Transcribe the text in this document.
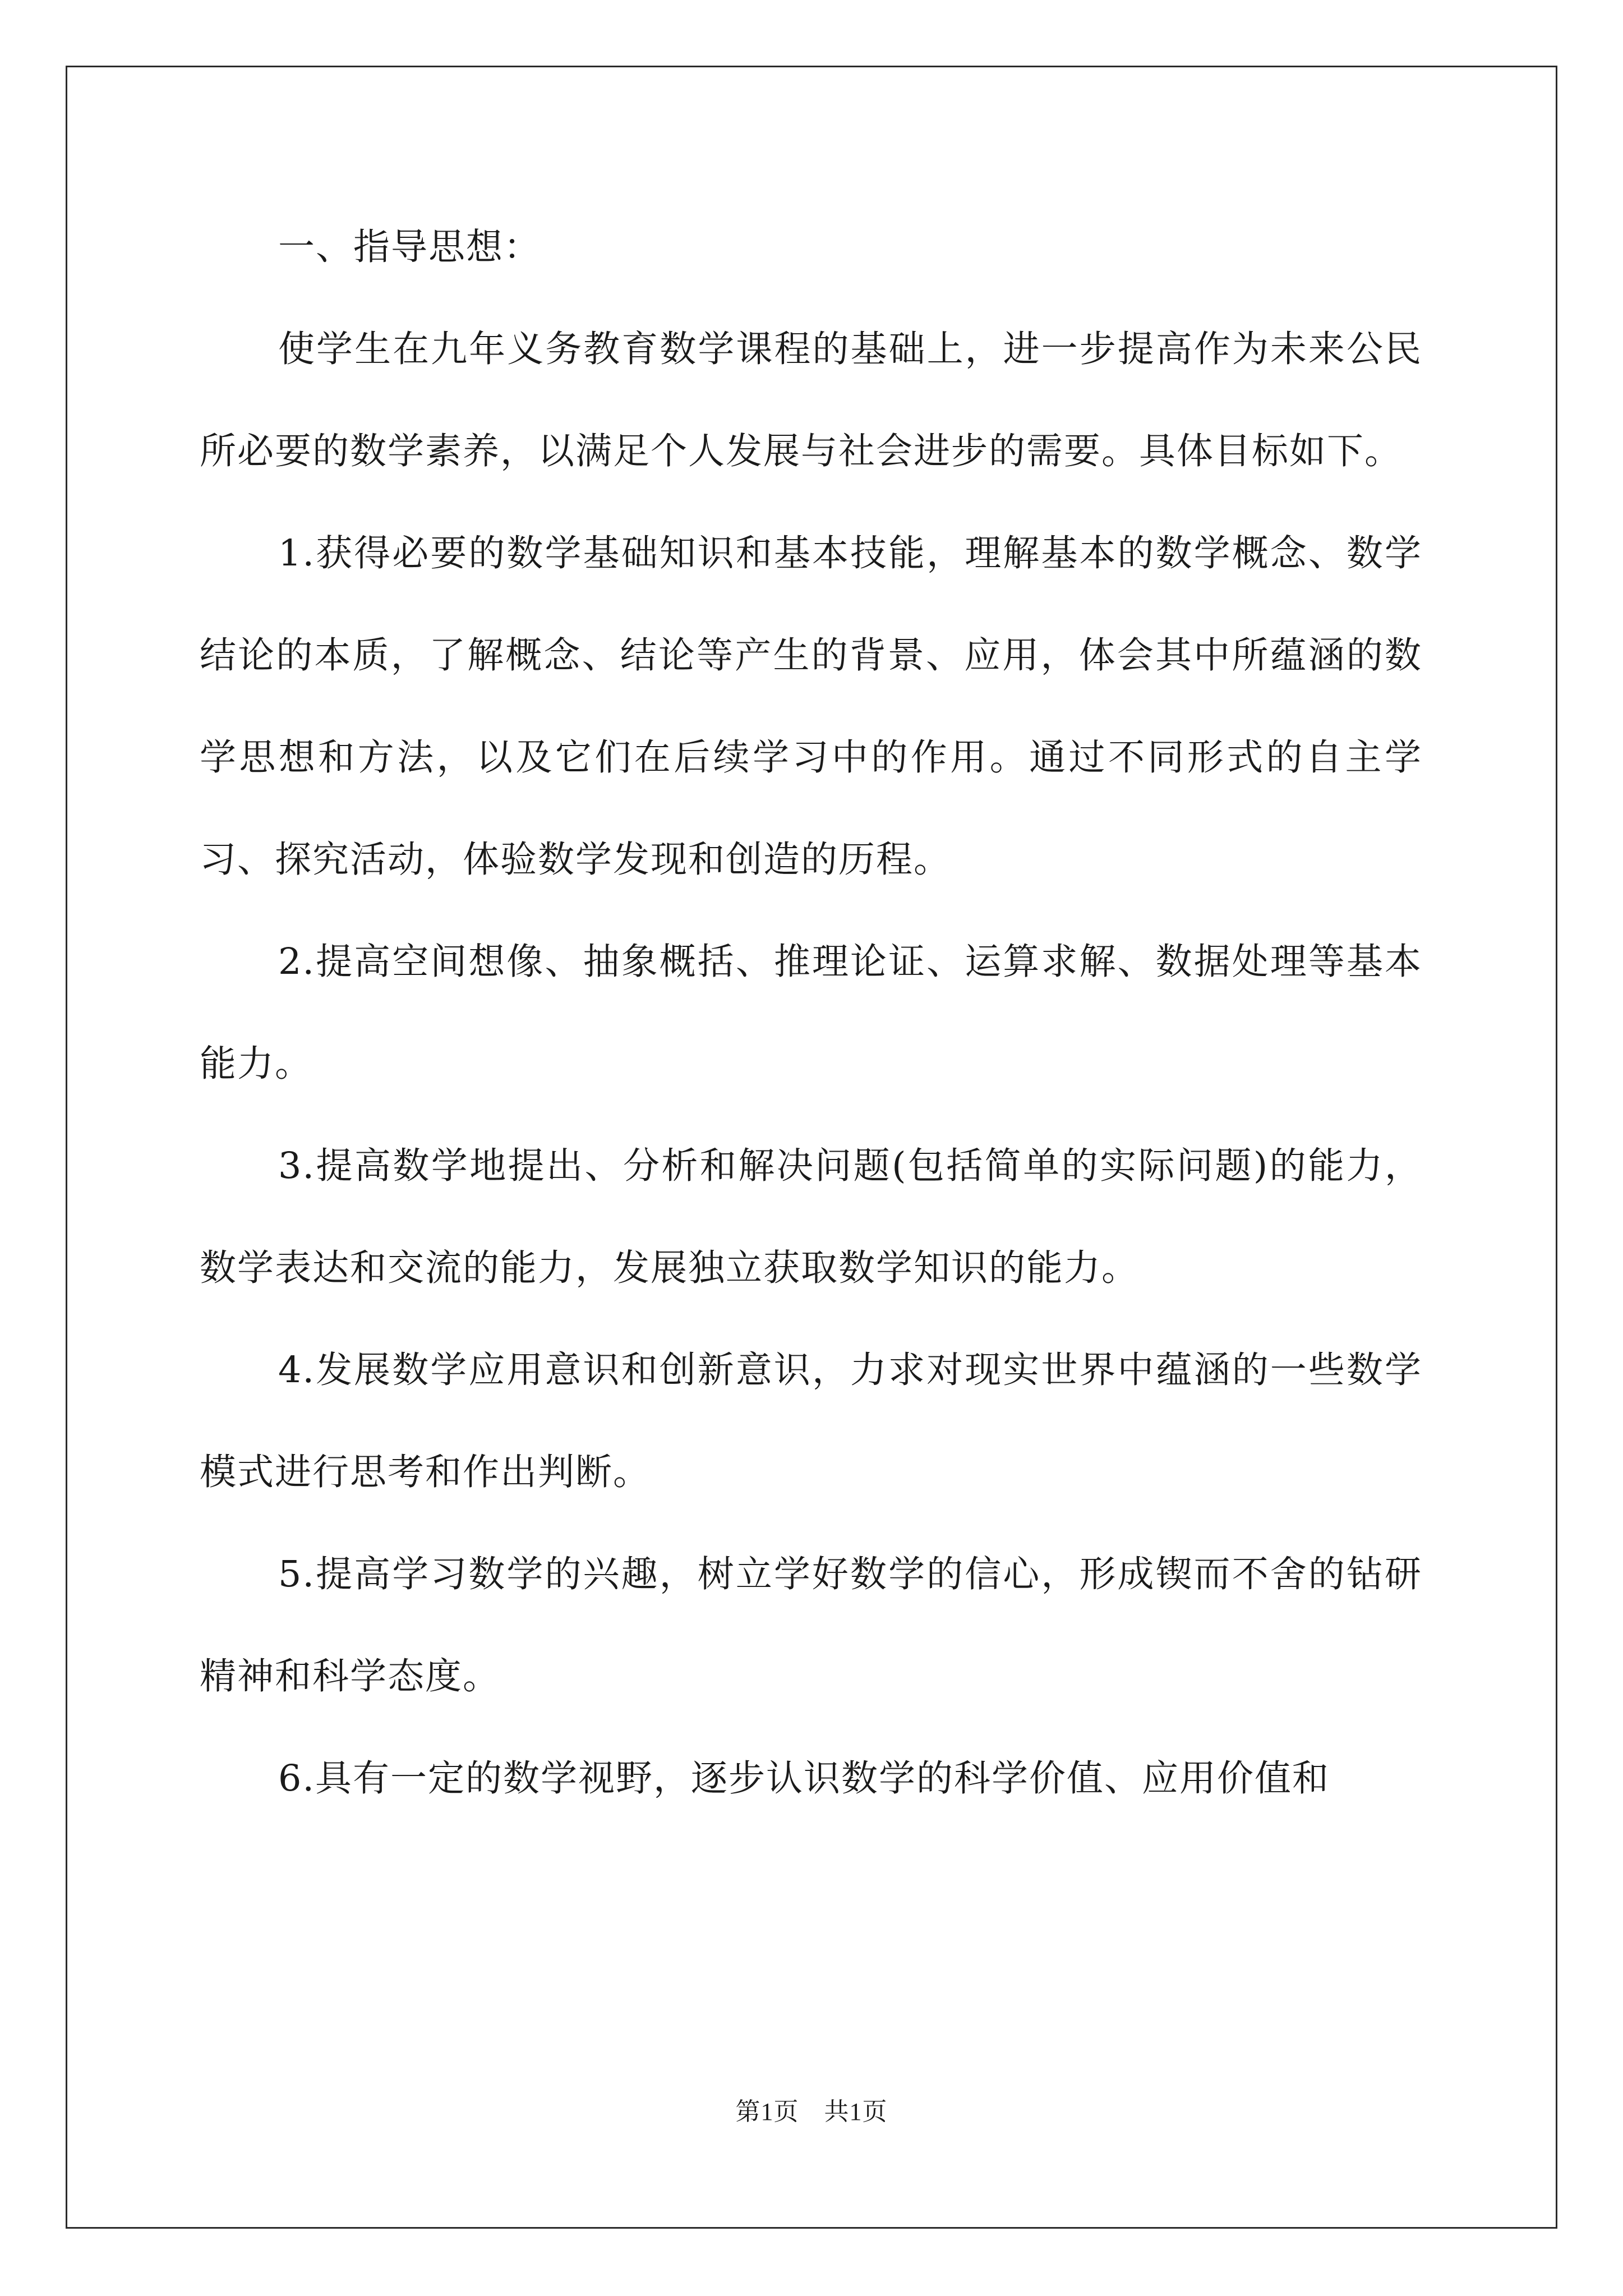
一、指导思想：

使学生在九年义务教育数学课程的基础上，进一步提高作为未来公民所必要的数学素养，以满足个人发展与社会进步的需要。具体目标如下。

1.获得必要的数学基础知识和基本技能，理解基本的数学概念、数学结论的本质，了解概念、结论等产生的背景、应用，体会其中所蕴涵的数学思想和方法，以及它们在后续学习中的作用。通过不同形式的自主学习、探究活动，体验数学发现和创造的历程。

2.提高空间想像、抽象概括、推理论证、运算求解、数据处理等基本能力。

3.提高数学地提出、分析和解决问题(包括简单的实际问题)的能力，数学表达和交流的能力，发展独立获取数学知识的能力。

4.发展数学应用意识和创新意识，力求对现实世界中蕴涵的一些数学模式进行思考和作出判断。

5.提高学习数学的兴趣，树立学好数学的信心，形成锲而不舍的钻研精神和科学态度。

6.具有一定的数学视野，逐步认识数学的科学价值、应用价值和

第1页　共1页
